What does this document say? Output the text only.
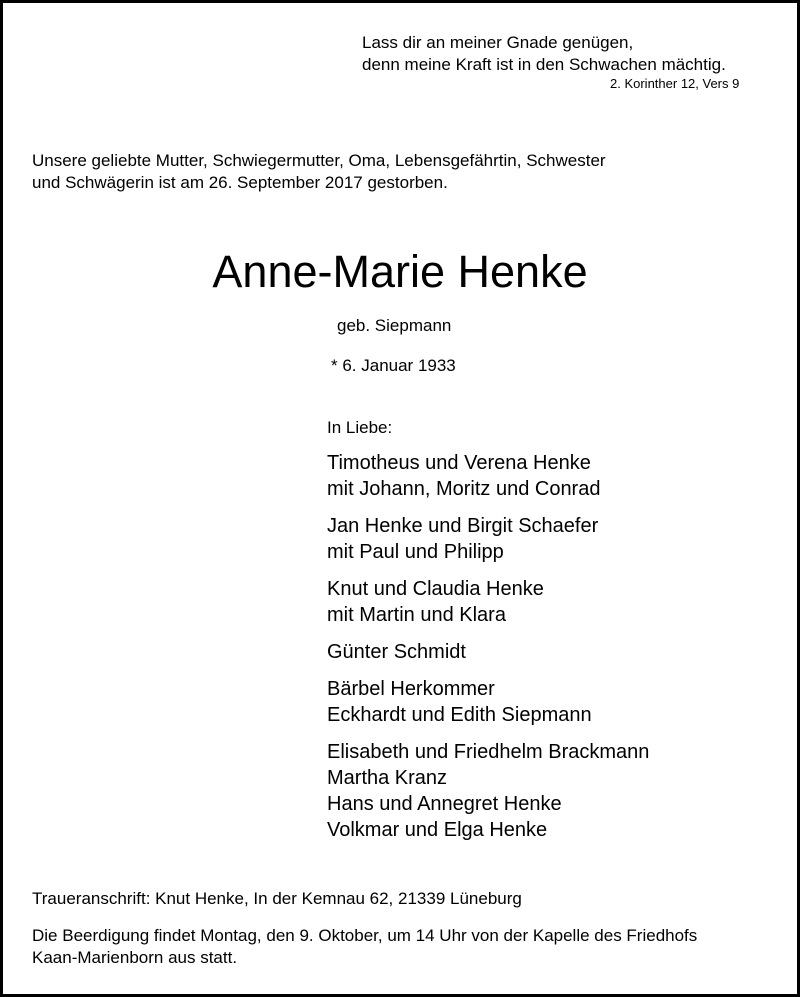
Lass dir an meiner Gnade genügen,
denn meine Kraft ist in den Schwachen mächtig.
2. Korinther 12, Vers 9
Unsere geliebte Mutter, Schwiegermutter, Oma, Lebensgefährtin, Schwester
und Schwägerin ist am 26. September 2017 gestorben.
Anne-Marie Henke
geb. Siepmann
* 6. Januar 1933
In Liebe:
Timotheus und Verena Henke
mit Johann, Moritz und Conrad
Jan Henke und Birgit Schaefer
mit Paul und Philipp
Knut und Claudia Henke
mit Martin und Klara
Günter Schmidt
Bärbel Herkommer
Eckhardt und Edith Siepmann
Elisabeth und Friedhelm Brackmann
Martha Kranz
Hans und Annegret Henke
Volkmar und Elga Henke
Traueranschrift: Knut Henke, In der Kemnau 62, 21339 Lüneburg
Die Beerdigung findet Montag, den 9. Oktober, um 14 Uhr von der Kapelle des Friedhofs
Kaan-Marienborn aus statt.
